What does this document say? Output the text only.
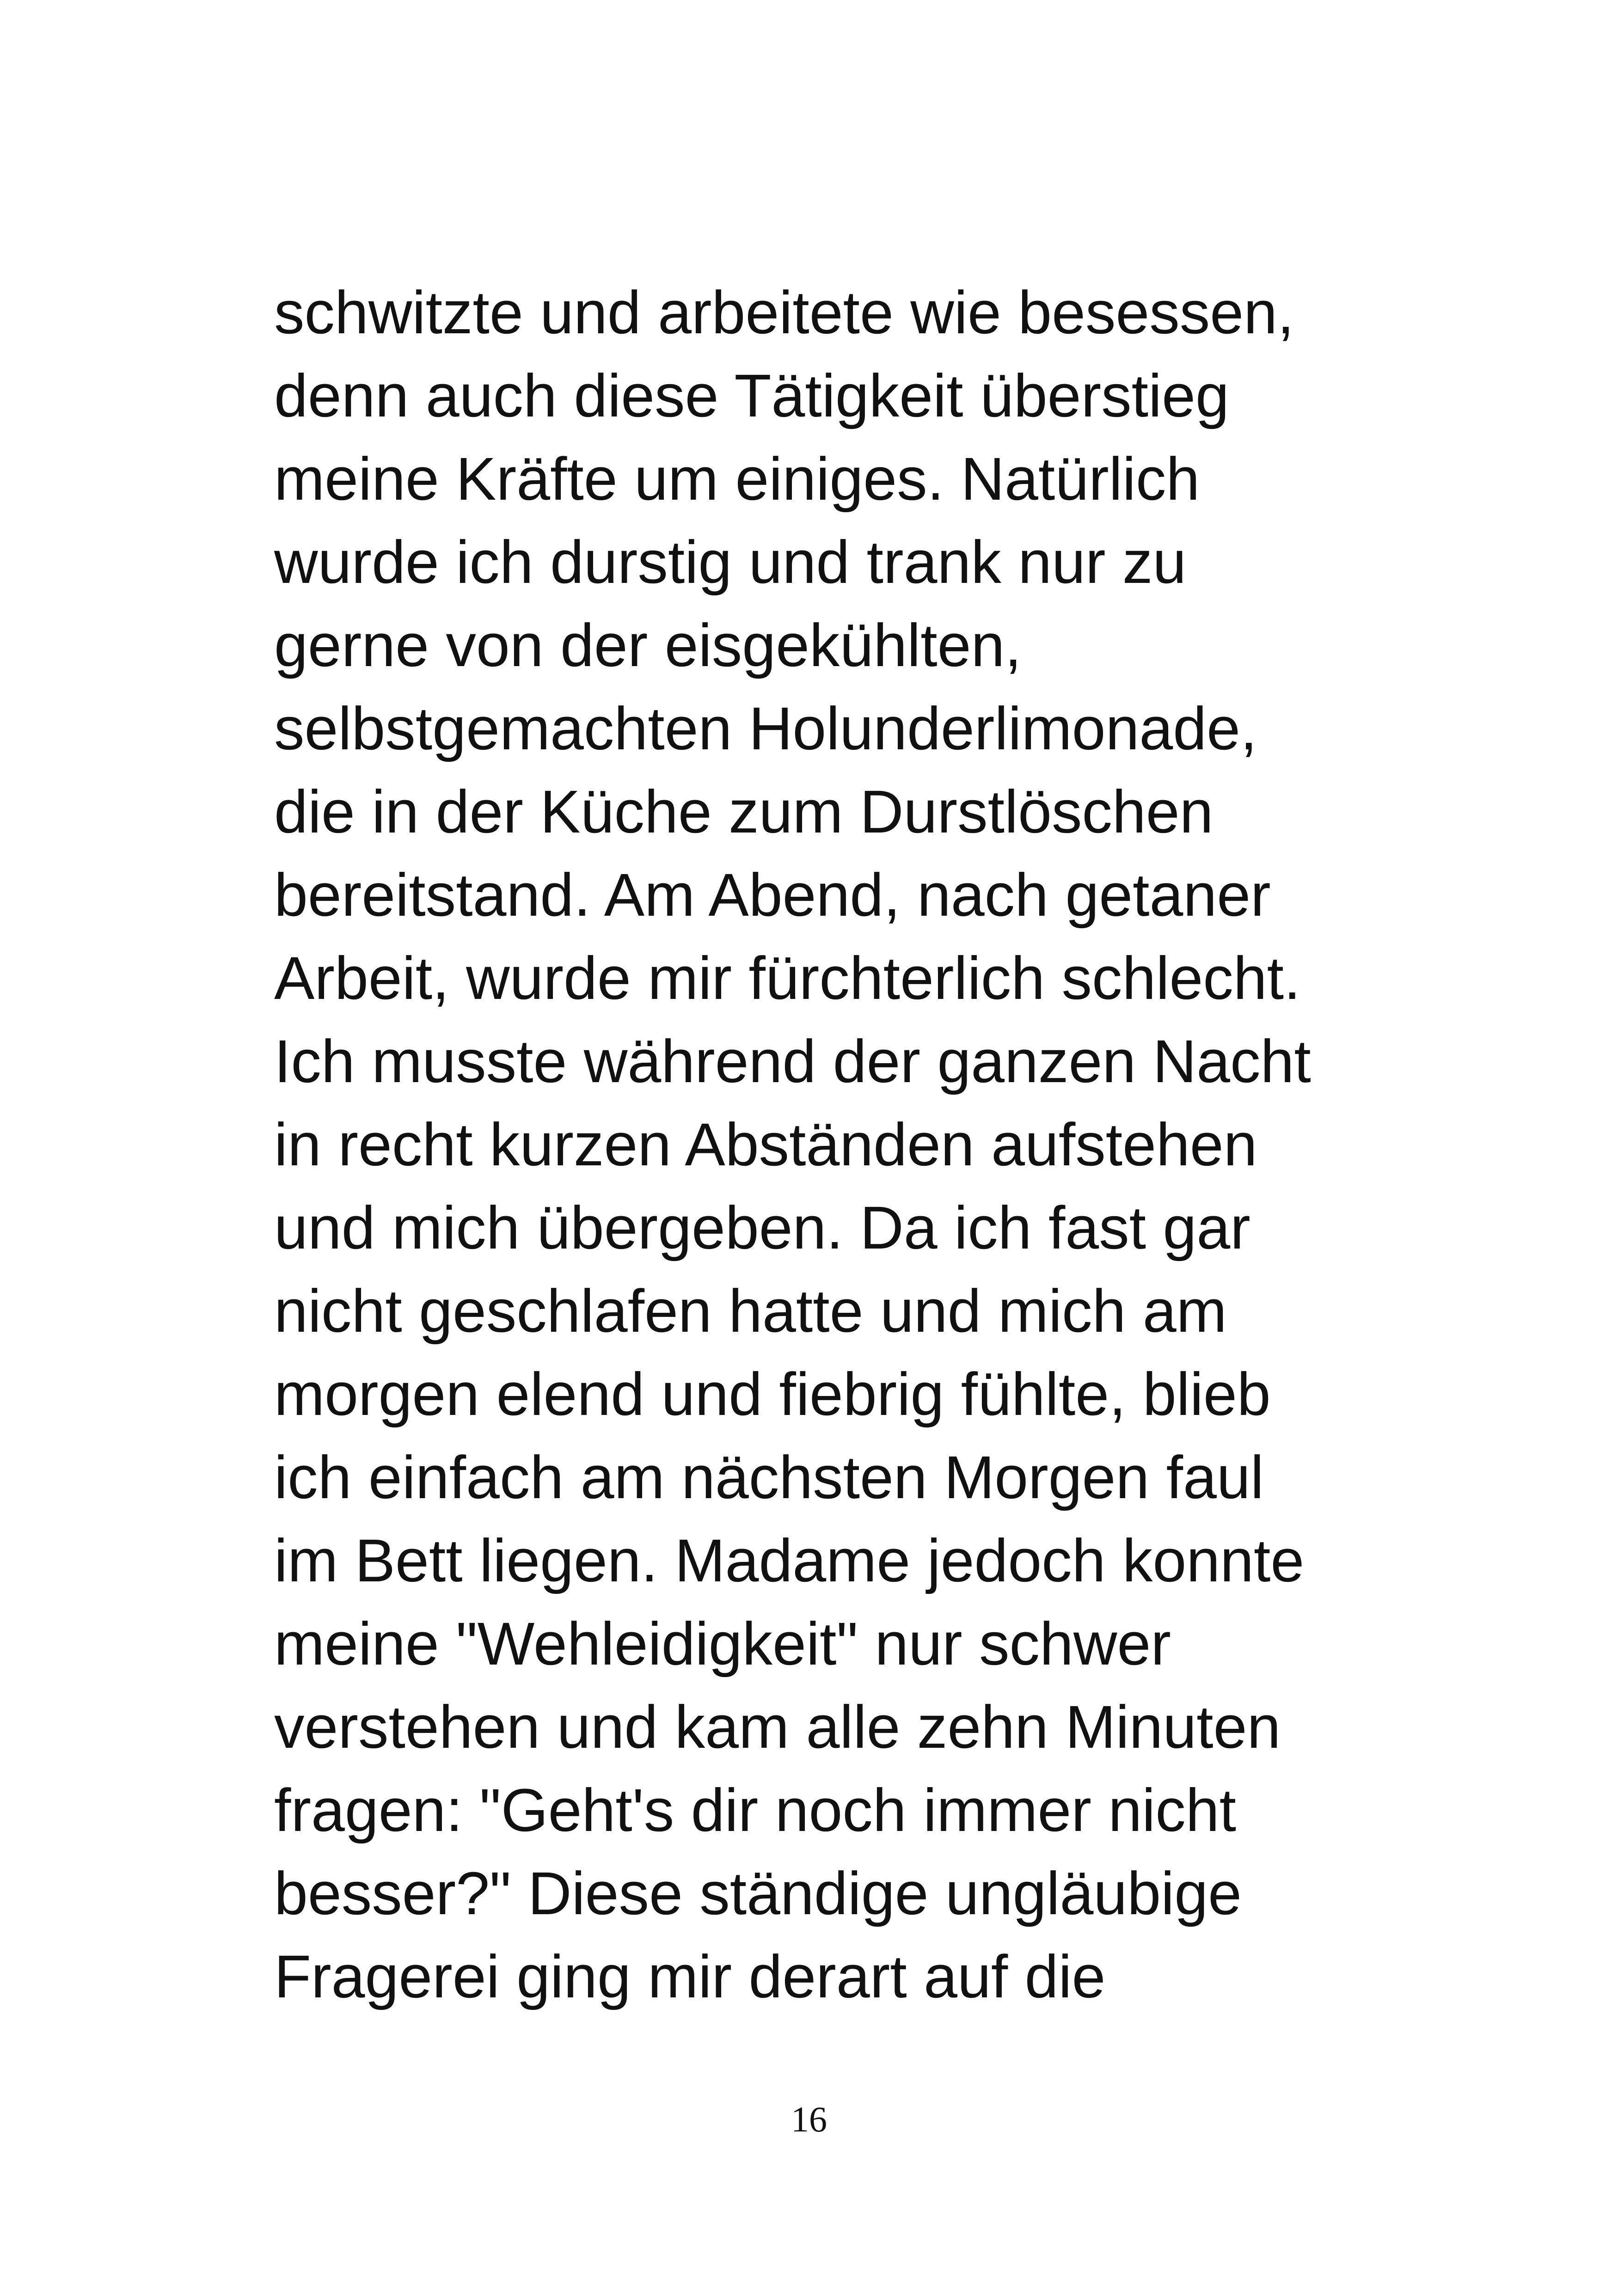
schwitzte und arbeitete wie besessen,
denn auch diese Tätigkeit überstieg
meine Kräfte um einiges. Natürlich
wurde ich durstig und trank nur zu
gerne von der eisgekühlten,
selbstgemachten Holunderlimonade,
die in der Küche zum Durstlöschen
bereitstand. Am Abend, nach getaner
Arbeit, wurde mir fürchterlich schlecht.
Ich musste während der ganzen Nacht
in recht kurzen Abständen aufstehen
und mich übergeben. Da ich fast gar
nicht geschlafen hatte und mich am
morgen elend und fiebrig fühlte, blieb
ich einfach am nächsten Morgen faul
im Bett liegen. Madame jedoch konnte
meine "Wehleidigkeit" nur schwer
verstehen und kam alle zehn Minuten
fragen: "Geht's dir noch immer nicht
besser?" Diese ständige ungläubige
Fragerei ging mir derart auf die
16
